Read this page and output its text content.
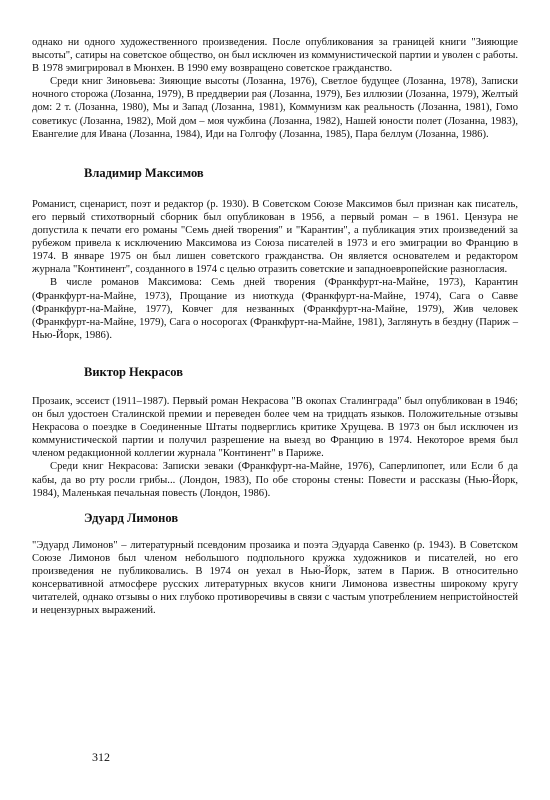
однако ни одного художественного произведения. После опубликования за границей книги "Зияющие высоты", сатиры на советское общество, он был исключен из коммунистической партии и уволен с работы. В 1978 эмигрировал в Мюнхен. В 1990 ему возвращено советское гражданство.

Среди книг Зиновьева: Зияющие высоты (Лозанна, 1976), Светлое будущее (Лозанна, 1978), Записки ночного сторожа (Лозанна, 1979), В преддверии рая (Лозанна, 1979), Без иллюзии (Лозанна, 1979), Желтый дом: 2 т. (Лозанна, 1980), Мы и Запад (Лозанна, 1981), Коммунизм как реальность (Лозанна, 1981), Гомо советикус (Лозанна, 1982), Мой дом – моя чужбина (Лозанна, 1982), Нашей юности полет (Лозанна, 1983), Евангелие для Ивана (Лозанна, 1984), Иди на Голгофу (Лозанна, 1985), Пара беллум (Лозанна, 1986).

Владимир Максимов

Романист, сценарист, поэт и редактор (р. 1930). В Советском Союзе Максимов был признан как писатель, его первый стихотворный сборник был опубликован в 1956, а первый роман – в 1961. Цензура не допустила к печати его романы "Семь дней творения" и "Карантин", а публикация этих произведений за рубежом привела к исключению Максимова из Союза писателей в 1973 и его эмиграции во Францию в 1974. В январе 1975 он был лишен советского гражданства. Он является основателем и редактором журнала "Континент", созданного в 1974 с целью отразить советские и западноевропейские разногласия.

В числе романов Максимова: Семь дней творения (Франкфурт-на-Майне, 1973), Карантин (Франкфурт-на-Майне, 1973), Прощание из ниоткуда (Франкфурт-на-Майне, 1974), Сага о Савве (Франкфурт-на-Майне, 1977), Ковчег для незванных (Франкфурт-на-Майне, 1979), Жив человек (Франкфурт-на-Майне, 1979), Сага о носорогах (Франкфурт-на-Майне, 1981), Заглянуть в бездну (Париж – Нью-Йорк, 1986).

Виктор Некрасов

Прозаик, эссеист (1911–1987). Первый роман Некрасова "В окопах Сталинграда" был опубликован в 1946; он был удостоен Сталинской премии и переведен более чем на тридцать языков. Положительные отзывы Некрасова о поездке в Соединенные Штаты подверглись критике Хрущева. В 1973 он был исключен из коммунистической партии и получил разрешение на выезд во Францию в 1974. Некоторое время был членом редакционной коллегии журнала "Континент" в Париже.

Среди книг Некрасова: Записки зеваки (Франкфурт-на-Майне, 1976), Саперлипопет, или Если б да кабы, да во рту росли грибы... (Лондон, 1983), По обе стороны стены: Повести и рассказы (Нью-Йорк, 1984), Маленькая печальная повесть (Лондон, 1986).

Эдуард Лимонов

"Эдуард Лимонов" – литературный псевдоним прозаика и поэта Эдуарда Савенко (р. 1943). В Советском Союзе Лимонов был членом небольшого подпольного кружка художников и писателей, но его произведения не публиковались. В 1974 он уехал в Нью-Йорк, затем в Париж. В относительно консервативной атмосфере русских литературных вкусов книги Лимонова известны широкому кругу читателей, однако отзывы о них глубоко противоречивы в связи с частым употреблением непристойностей и нецензурных выражений.

312
